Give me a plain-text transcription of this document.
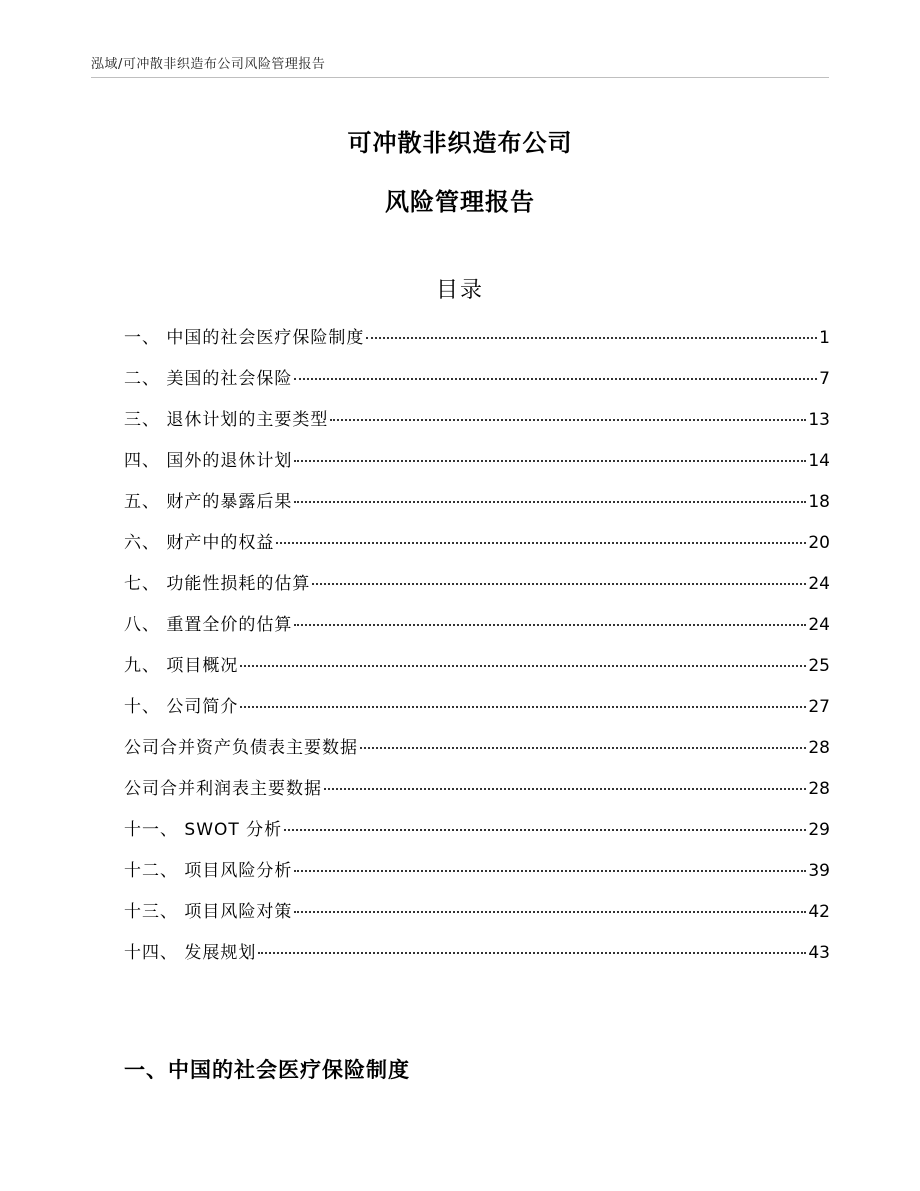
泓域/可冲散非织造布公司风险管理报告
可冲散非织造布公司
风险管理报告
目录
一、 中国的社会医疗保险制度	1
二、 美国的社会保险	7
三、 退休计划的主要类型	13
四、 国外的退休计划	14
五、 财产的暴露后果	18
六、 财产中的权益	20
七、 功能性损耗的估算	24
八、 重置全价的估算	24
九、 项目概况	25
十、 公司简介	27
公司合并资产负债表主要数据	28
公司合并利润表主要数据	28
十一、 SWOT 分析	29
十二、 项目风险分析	39
十三、 项目风险对策	42
十四、 发展规划	43
一、中国的社会医疗保险制度
